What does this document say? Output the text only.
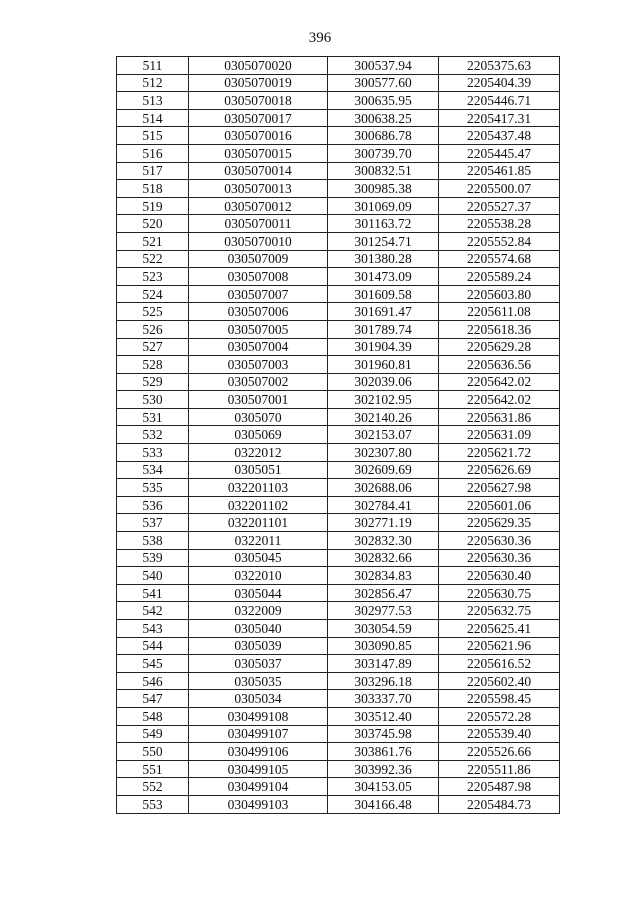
396
511	0305070020	300537.94	2205375.63
512	0305070019	300577.60	2205404.39
513	0305070018	300635.95	2205446.71
514	0305070017	300638.25	2205417.31
515	0305070016	300686.78	2205437.48
516	0305070015	300739.70	2205445.47
517	0305070014	300832.51	2205461.85
518	0305070013	300985.38	2205500.07
519	0305070012	301069.09	2205527.37
520	0305070011	301163.72	2205538.28
521	0305070010	301254.71	2205552.84
522	030507009	301380.28	2205574.68
523	030507008	301473.09	2205589.24
524	030507007	301609.58	2205603.80
525	030507006	301691.47	2205611.08
526	030507005	301789.74	2205618.36
527	030507004	301904.39	2205629.28
528	030507003	301960.81	2205636.56
529	030507002	302039.06	2205642.02
530	030507001	302102.95	2205642.02
531	0305070	302140.26	2205631.86
532	0305069	302153.07	2205631.09
533	0322012	302307.80	2205621.72
534	0305051	302609.69	2205626.69
535	032201103	302688.06	2205627.98
536	032201102	302784.41	2205601.06
537	032201101	302771.19	2205629.35
538	0322011	302832.30	2205630.36
539	0305045	302832.66	2205630.36
540	0322010	302834.83	2205630.40
541	0305044	302856.47	2205630.75
542	0322009	302977.53	2205632.75
543	0305040	303054.59	2205625.41
544	0305039	303090.85	2205621.96
545	0305037	303147.89	2205616.52
546	0305035	303296.18	2205602.40
547	0305034	303337.70	2205598.45
548	030499108	303512.40	2205572.28
549	030499107	303745.98	2205539.40
550	030499106	303861.76	2205526.66
551	030499105	303992.36	2205511.86
552	030499104	304153.05	2205487.98
553	030499103	304166.48	2205484.73
